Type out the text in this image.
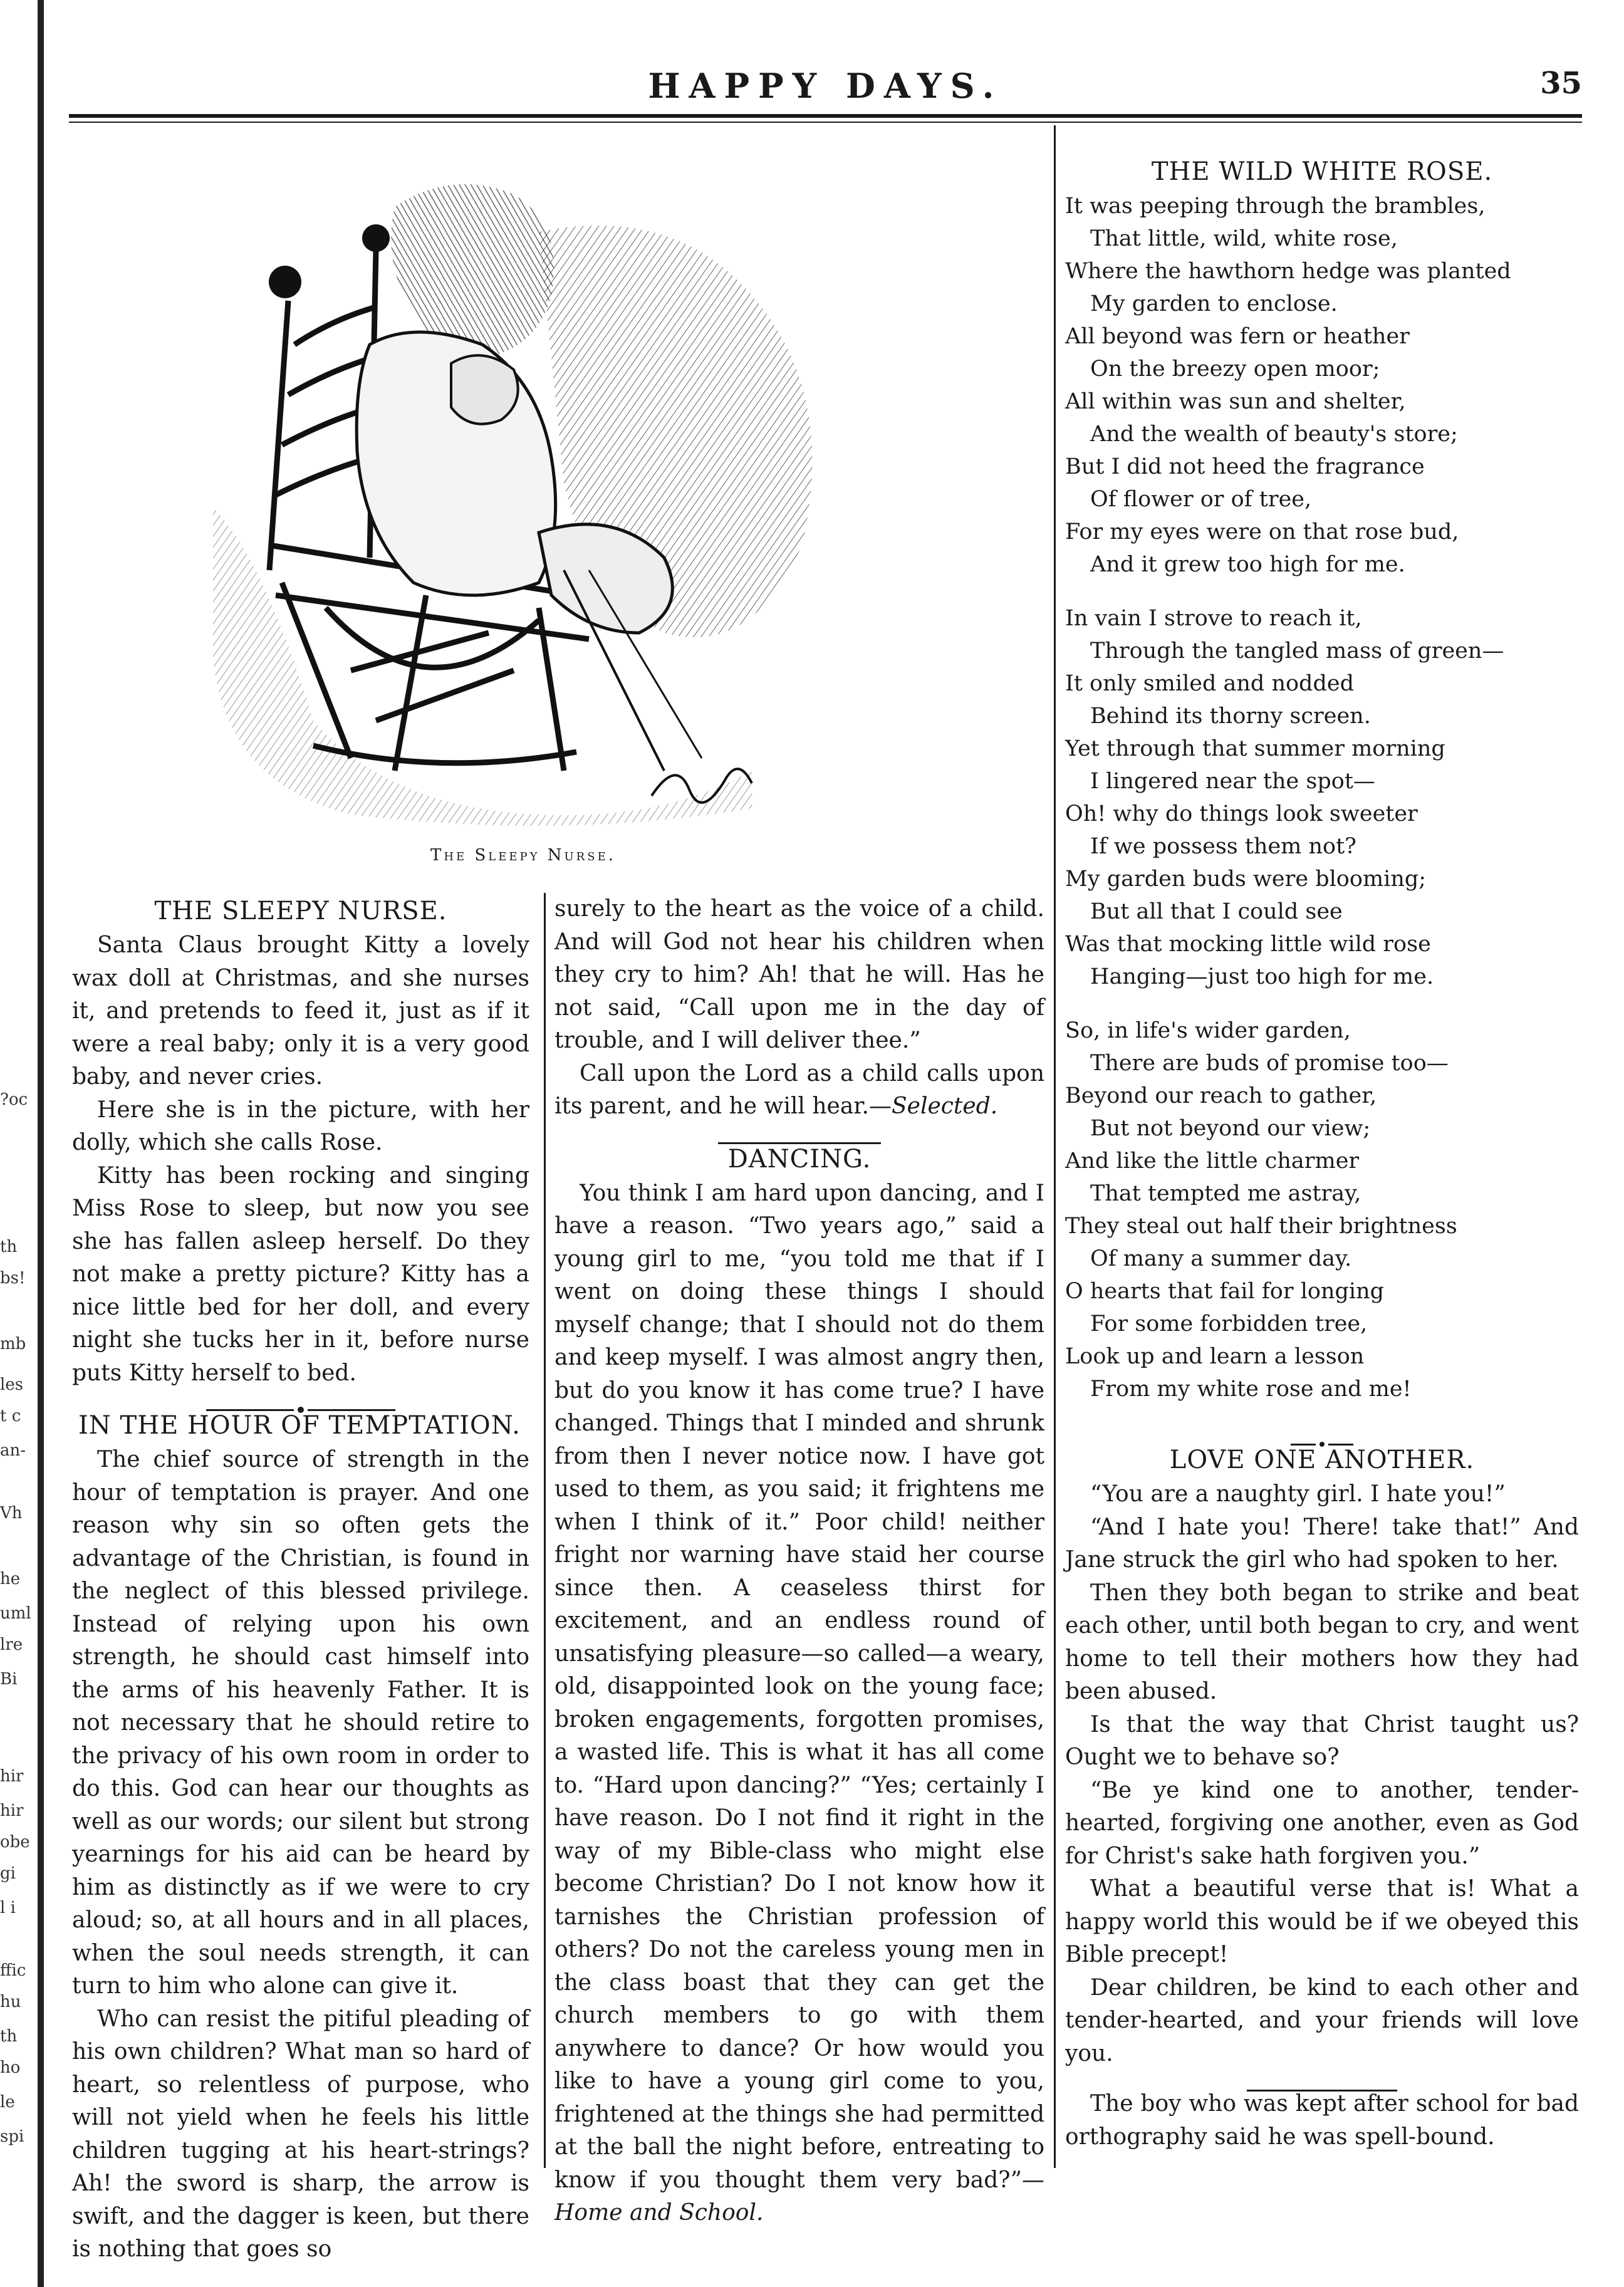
?oc
th
bs!
mb
les
t c
an-
Vh
he
uml
lre
Bi
hir
hir
obe
gi
l i
ffic
hu
th
ho
le
spi
HAPPY DAYS.	35
The Sleepy Nurse.
THE SLEEPY NURSE.

Santa Claus brought Kitty a lovely wax doll at Christmas, and she nurses it, and pretends to feed it, just as if it were a real baby; only it is a very good baby, and never cries.

Here she is in the picture, with her dolly, which she calls Rose.

Kitty has been rocking and singing Miss Rose to sleep, but now you see she has fallen asleep herself. Do they not make a pretty picture? Kitty has a nice little bed for her doll, and every night she tucks her in it, before nurse puts Kitty herself to bed.

IN THE HOUR OF TEMPTATION.

The chief source of strength in the hour of temptation is prayer. And one reason why sin so often gets the advantage of the Christian, is found in the neglect of this blessed privilege. Instead of relying upon his own strength, he should cast himself into the arms of his heavenly Father. It is not necessary that he should retire to the privacy of his own room in order to do this. God can hear our thoughts as well as our words; our silent but strong yearnings for his aid can be heard by him as distinctly as if we were to cry aloud; so, at all hours and in all places, when the soul needs strength, it can turn to him who alone can give it.

Who can resist the pitiful pleading of his own children? What man so hard of heart, so relentless of purpose, who will not yield when he feels his little children tugging at his heart-strings? Ah! the sword is sharp, the arrow is swift, and the dagger is keen, but there is nothing that goes so

surely to the heart as the voice of a child. And will God not hear his children when they cry to him? Ah! that he will. Has he not said, “Call upon me in the day of trouble, and I will deliver thee.”

Call upon the Lord as a child calls upon its parent, and he will hear.—Selected.

DANCING.

You think I am hard upon dancing, and I have a reason. “Two years ago,” said a young girl to me, “you told me that if I went on doing these things I should myself change; that I should not do them and keep myself. I was almost angry then, but do you know it has come true? I have changed. Things that I minded and shrunk from then I never notice now. I have got used to them, as you said; it frightens me when I think of it.” Poor child! neither fright nor warning have staid her course since then. A ceaseless thirst for excitement, and an endless round of unsatisfying pleasure—so called—a weary, old, disappointed look on the young face; broken engagements, forgotten promises, a wasted life. This is what it has all come to. “Hard upon dancing?” “Yes; certainly I have reason. Do I not find it right in the way of my Bible-class who might else become Christian? Do I not know how it tarnishes the Christian profession of others? Do not the careless young men in the class boast that they can get the church members to go with them anywhere to dance? Or how would you like to have a young girl come to you, frightened at the things she had permitted at the ball the night before, entreating to know if you thought them very bad?”—Home and School.

THE WILD WHITE ROSE.
It was peeping through the brambles,
That little, wild, white rose,
Where the hawthorn hedge was planted
My garden to enclose.
All beyond was fern or heather
On the breezy open moor;
All within was sun and shelter,
And the wealth of beauty's store;
But I did not heed the fragrance
Of flower or of tree,
For my eyes were on that rose bud,
And it grew too high for me.
In vain I strove to reach it,
Through the tangled mass of green—
It only smiled and nodded
Behind its thorny screen.
Yet through that summer morning
I lingered near the spot—
Oh! why do things look sweeter
If we possess them not?
My garden buds were blooming;
But all that I could see
Was that mocking little wild rose
Hanging—just too high for me.
So, in life's wider garden,
There are buds of promise too—
Beyond our reach to gather,
But not beyond our view;
And like the little charmer
That tempted me astray,
They steal out half their brightness
Of many a summer day.
O hearts that fail for longing
For some forbidden tree,
Look up and learn a lesson
From my white rose and me!
LOVE ONE ANOTHER.

“You are a naughty girl. I hate you!”

“And I hate you! There! take that!” And Jane struck the girl who had spoken to her.

Then they both began to strike and beat each other, until both began to cry, and went home to tell their mothers how they had been abused.

Is that the way that Christ taught us? Ought we to behave so?

“Be ye kind one to another, tender-hearted, forgiving one another, even as God for Christ's sake hath forgiven you.”

What a beautiful verse that is! What a happy world this would be if we obeyed this Bible precept!

Dear children, be kind to each other and tender-hearted, and your friends will love you.

The boy who was kept after school for bad orthography said he was spell-bound.
